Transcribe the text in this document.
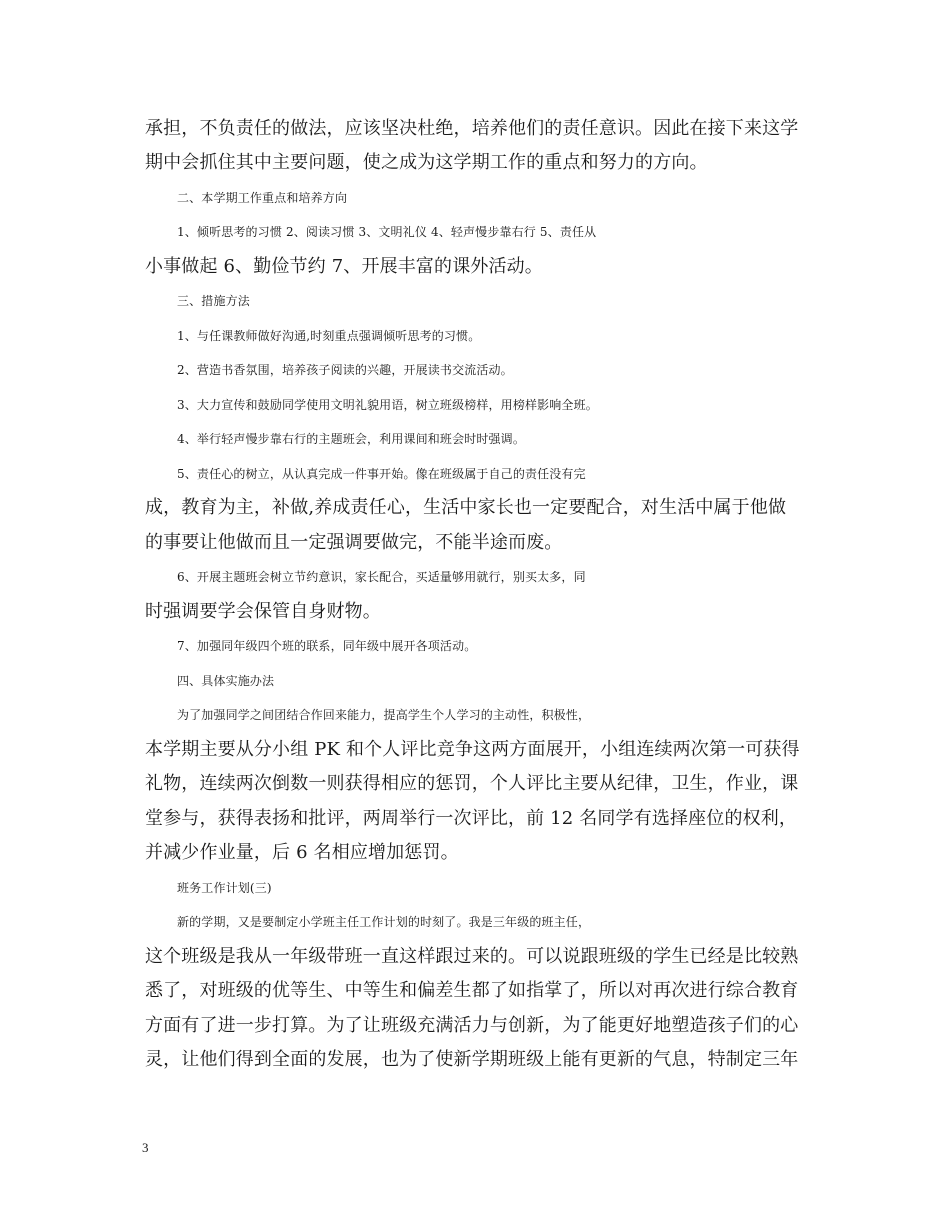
承担，不负责任的做法，应该坚决杜绝，培养他们的责任意识。因此在接下来这学
期中会抓住其中主要问题，使之成为这学期工作的重点和努力的方向。
二、本学期工作重点和培养方向
1、倾听思考的习惯 2、阅读习惯 3、文明礼仪 4、轻声慢步靠右行 5、责任从
小事做起 6、勤俭节约 7、开展丰富的课外活动。
三、措施方法
1、与任课教师做好沟通,时刻重点强调倾听思考的习惯。
2、营造书香氛围，培养孩子阅读的兴趣，开展读书交流活动。
3、大力宣传和鼓励同学使用文明礼貌用语，树立班级榜样，用榜样影响全班。
4、举行轻声慢步靠右行的主题班会，利用课间和班会时时强调。
5、责任心的树立，从认真完成一件事开始。像在班级属于自己的责任没有完
成，教育为主，补做,养成责任心，生活中家长也一定要配合，对生活中属于他做
的事要让他做而且一定强调要做完，不能半途而废。
6、开展主题班会树立节约意识，家长配合，买适量够用就行，别买太多，同
时强调要学会保管自身财物。
7、加强同年级四个班的联系，同年级中展开各项活动。
四、具体实施办法
为了加强同学之间团结合作回来能力，提高学生个人学习的主动性，积极性，
本学期主要从分小组 PK 和个人评比竞争这两方面展开，小组连续两次第一可获得
礼物，连续两次倒数一则获得相应的惩罚，个人评比主要从纪律，卫生，作业，课
堂参与，获得表扬和批评，两周举行一次评比，前 12 名同学有选择座位的权利，
并减少作业量，后 6 名相应增加惩罚。
班务工作计划(三)
新的学期，又是要制定小学班主任工作计划的时刻了。我是三年级的班主任，
这个班级是我从一年级带班一直这样跟过来的。可以说跟班级的学生已经是比较熟
悉了，对班级的优等生、中等生和偏差生都了如指掌了，所以对再次进行综合教育
方面有了进一步打算。为了让班级充满活力与创新，为了能更好地塑造孩子们的心
灵，让他们得到全面的发展，也为了使新学期班级上能有更新的气息，特制定三年
3
